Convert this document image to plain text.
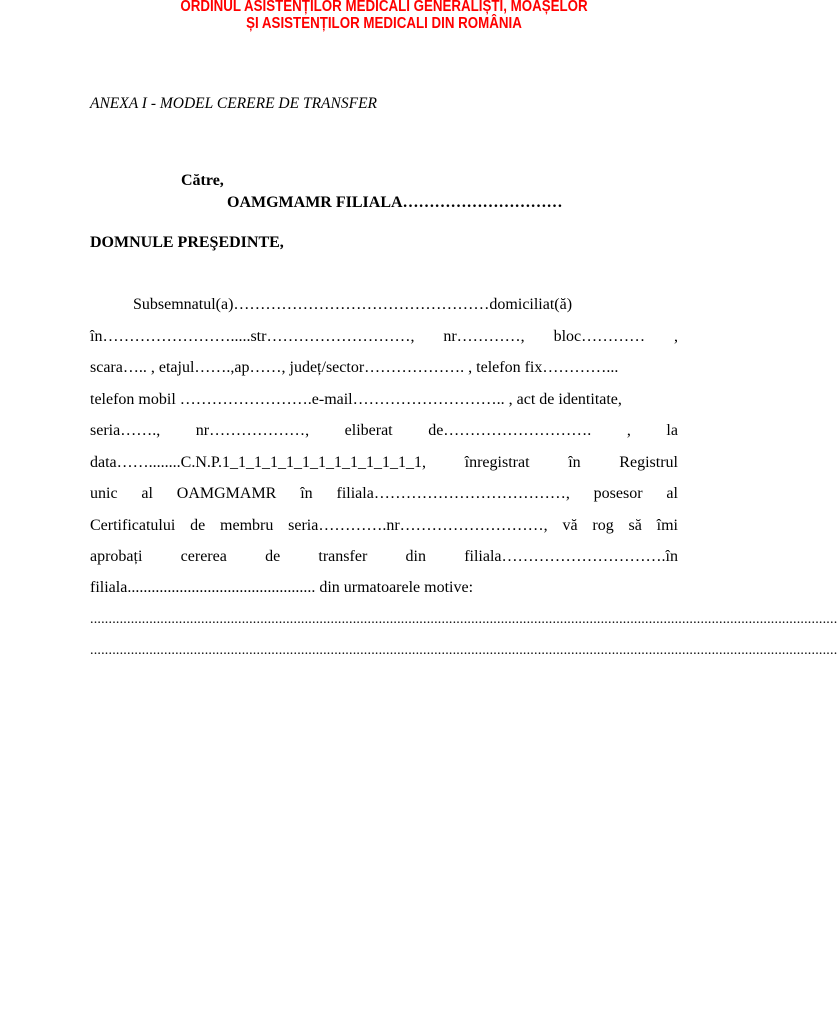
ORDINUL ASISTENȚILOR MEDICALI GENERALIȘTI, MOAȘELOR
ȘI ASISTENȚILOR MEDICALI DIN ROMÂNIA
ANEXA I - MODEL CERERE DE TRANSFER
Către,
OAMGMAMR FILIALA…………………………
DOMNULE PREŞEDINTE,
Subsemnatul(a)…………………………………………domiciliat(ă)
în…………………….....str………………………, nr…………, bloc………… ,
scara….. , etajul…….,ap……, județ/sector………………. , telefon fix…………...
telefon mobil …………………….e-mail……………………….. , act de identitate,
seria……., nr………………, eliberat de………………………. , la
data……........C.N.P.1_1_1_1_1_1_1_1_1_1_1_1_1, înregistrat în Registrul
unic al OAMGMAMR în filiala………………………………, posesor al
Certificatului de membru seria………….nr………………………, vă rog să îmi
aprobați cererea de transfer din filiala………………………….în
filiala............................................... din urmatoarele motive:
..........................................................................................................................................................................................................
..........................................................................................................................................................................................................
